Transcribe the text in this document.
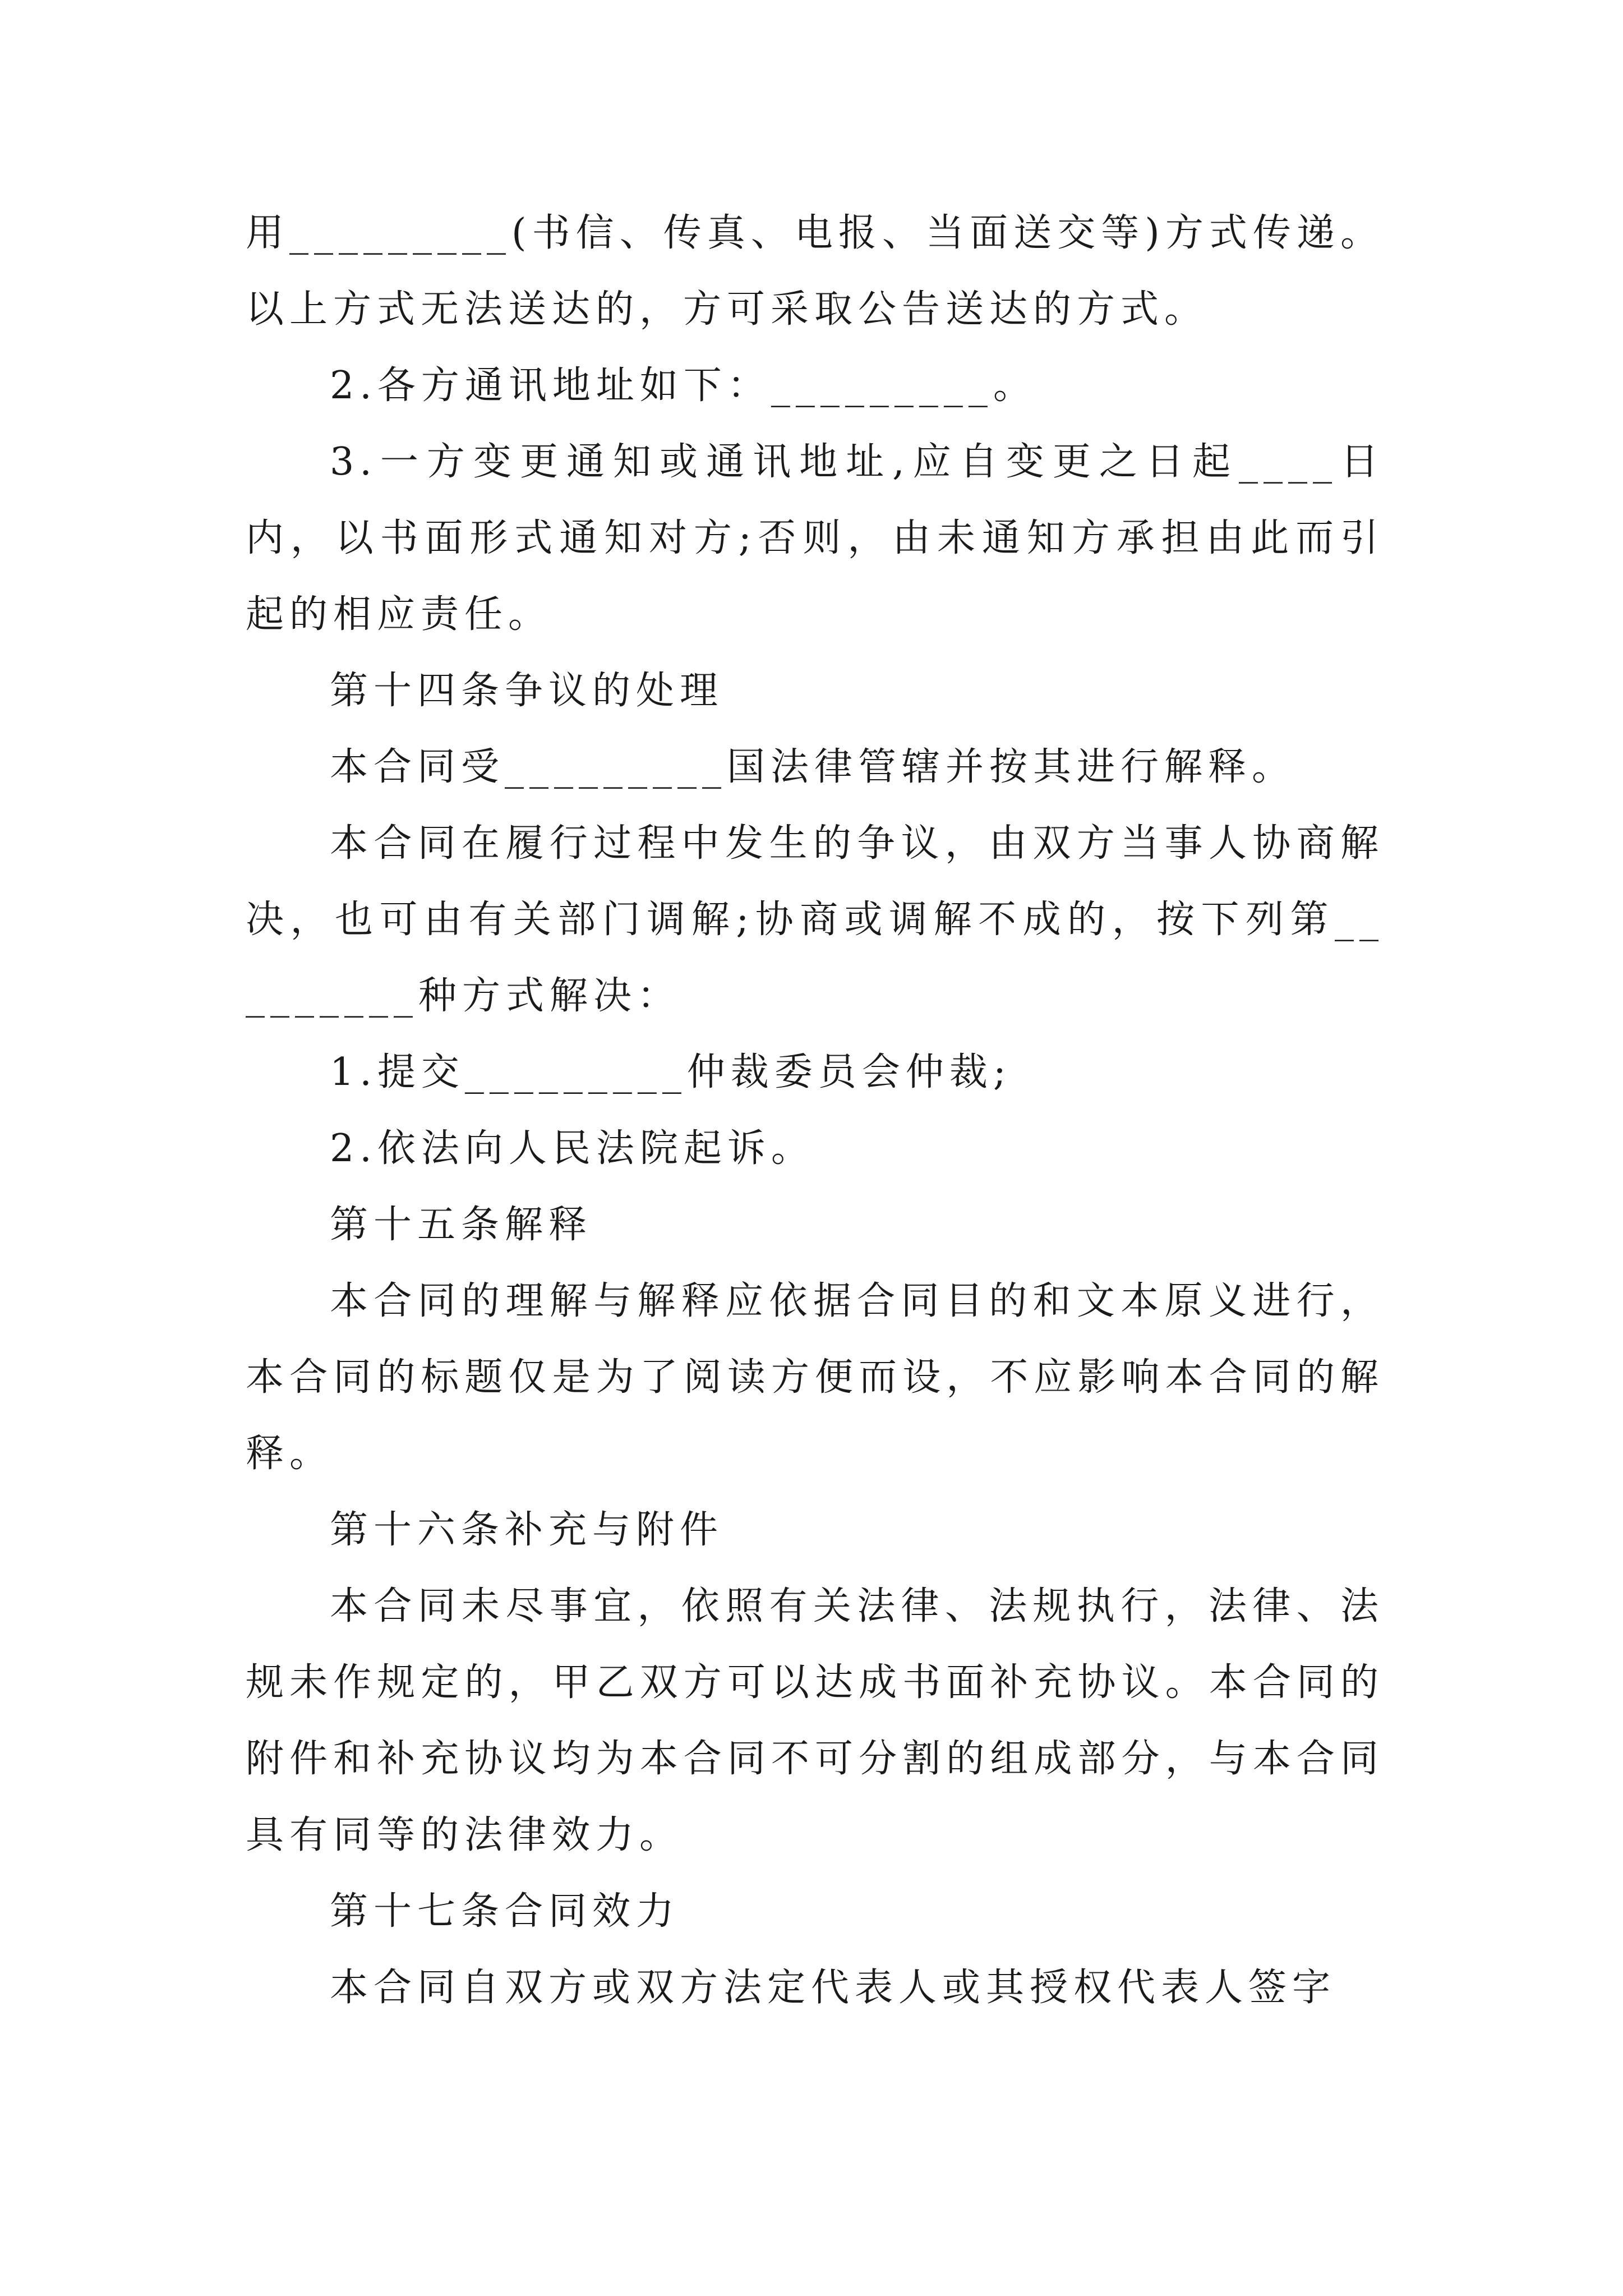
用_________(书信、传真、电报、当面送交等)方式传递。以上方式无法送达的，方可采取公告送达的方式。

2.各方通讯地址如下：_________。

3.一方变更通知或通讯地址,应自变更之日起____日内，以书面形式通知对方;否则，由未通知方承担由此而引起的相应责任。

第十四条争议的处理

本合同受_________国法律管辖并按其进行解释。

本合同在履行过程中发生的争议，由双方当事人协商解决，也可由有关部门调解;协商或调解不成的，按下列第_________种方式解决：

1.提交_________仲裁委员会仲裁;

2.依法向人民法院起诉。

第十五条解释

本合同的理解与解释应依据合同目的和文本原义进行，本合同的标题仅是为了阅读方便而设，不应影响本合同的解释。

第十六条补充与附件

本合同未尽事宜，依照有关法律、法规执行，法律、法规未作规定的，甲乙双方可以达成书面补充协议。本合同的附件和补充协议均为本合同不可分割的组成部分，与本合同具有同等的法律效力。

第十七条合同效力

本合同自双方或双方法定代表人或其授权代表人签字
